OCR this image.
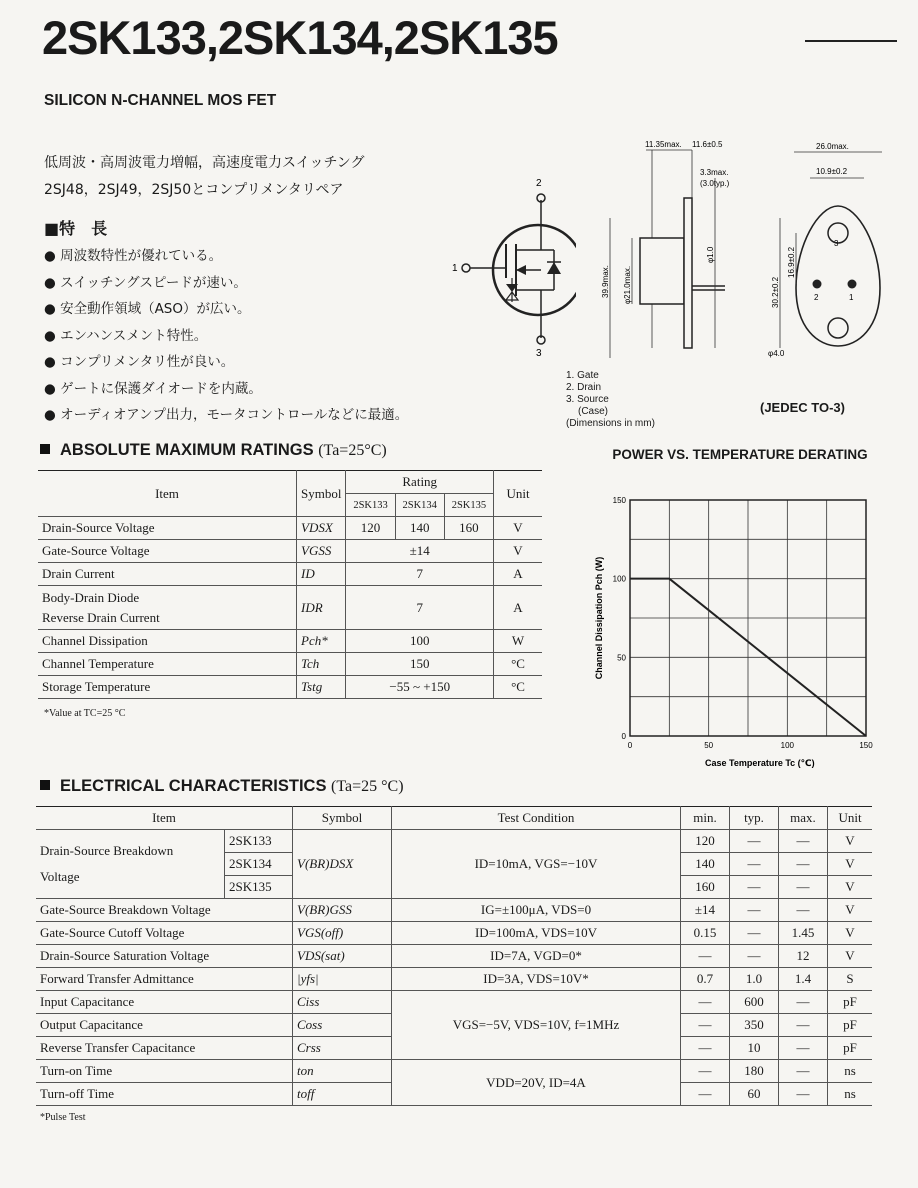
2SK133,2SK134,2SK135
SILICON N-CHANNEL MOS FET
低周波・高周波電力増幅，高速度電力スイッチング
2SJ48，2SJ49，2SJ50とコンプリメンタリペア
■特　長
● 周波数特性が優れている。
● スイッチングスピードが速い。
● 安全動作領域（ASO）が広い。
● エンハンスメント特性。
● コンプリメンタリ性が良い。
● ゲートに保護ダイオードを内蔵。
● オーディオアンプ出力，モータコントロールなどに最適。
1
2
3
11.35max. 11.6±0.5
3.3max.
(3.0typ.)
39.9max. φ21.0max.
φ1.0
26.0max.
10.9±0.2
16.9±0.2
30.2±0.2
φ4.0
3
2	1
1. Gate
2. Drain
3. Source
(Case)
(Dimensions in mm)
(JEDEC TO-3)
ABSOLUTE MAXIMUM RATINGS (Ta=25°C)
Item	Symbol	Rating			Unit
		2SK133	2SK134	2SK135	
Drain-Source Voltage	VDSX	120	140	160	V
Gate-Source Voltage	VGSS	±14			V
Drain Current	ID	7			A
Body-Drain Diode
Reverse Drain Current	IDR	7			A
Channel Dissipation	Pch*	100			W
Channel Temperature	Tch	150			°C
Storage Temperature	Tstg	−55 ~ +150			°C
*Value at TC=25 °C
POWER VS. TEMPERATURE DERATING
0	50	100	150
0
50
100
150
Case Temperature Tc (℃)
Channel Dissipation Pch (W)
ELECTRICAL CHARACTERISTICS (Ta=25 °C)
Item		Symbol	Test Condition	min.	typ.	max.	Unit
Drain-Source Breakdown
Voltage	2SK133	V(BR)DSX	ID=10mA, VGS=−10V	120	—	—	V
	2SK134			140	—	—	V
	2SK135			160	—	—	V
Gate-Source Breakdown Voltage		V(BR)GSS	IG=±100μA, VDS=0	±14	—	—	V
Gate-Source Cutoff Voltage		VGS(off)	ID=100mA, VDS=10V	0.15	—	1.45	V
Drain-Source Saturation Voltage		VDS(sat)	ID=7A, VGD=0*	—	—	12	V
Forward Transfer Admittance		|yfs|	ID=3A, VDS=10V*	0.7	1.0	1.4	S
Input Capacitance		Ciss	VGS=−5V, VDS=10V, f=1MHz	—	600	—	pF
Output Capacitance		Coss		—	350	—	pF
Reverse Transfer Capacitance		Crss		—	10	—	pF
Turn-on Time		ton	VDD=20V, ID=4A	—	180	—	ns
Turn-off Time		toff		—	60	—	ns
*Pulse Test
